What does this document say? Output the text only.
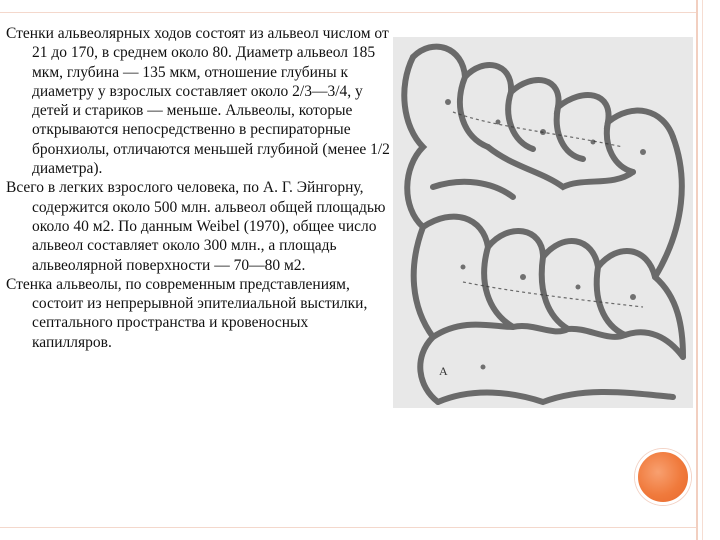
Стенки альвеолярных ходов состоят из альвеол числом от 21 до 170, в среднем около 80. Диаметр альвеол 185 мкм, глубина — 135 мкм, отношение глубины к диаметру у взрослых составляет около 2/3—3/4, у детей и стариков — меньше. Альвеолы, которые открываются непосредственно в респираторные бронхиолы, отличаются меньшей глубиной (менее 1/2 диаметра).

Всего в легких взрослого человека, по А. Г. Эйнгорну, содержится около 500 млн. альвеол общей площадью около 40 м2. По данным Weibel (1970), общее число альвеол составляет около 300 млн., а площадь альвеолярной поверхности — 70—80 м2.

Стенка альвеолы, по современным представлениям, состоит из непрерывной эпителиальной выстилки, септального пространства и кровеносных капилляров.

А
